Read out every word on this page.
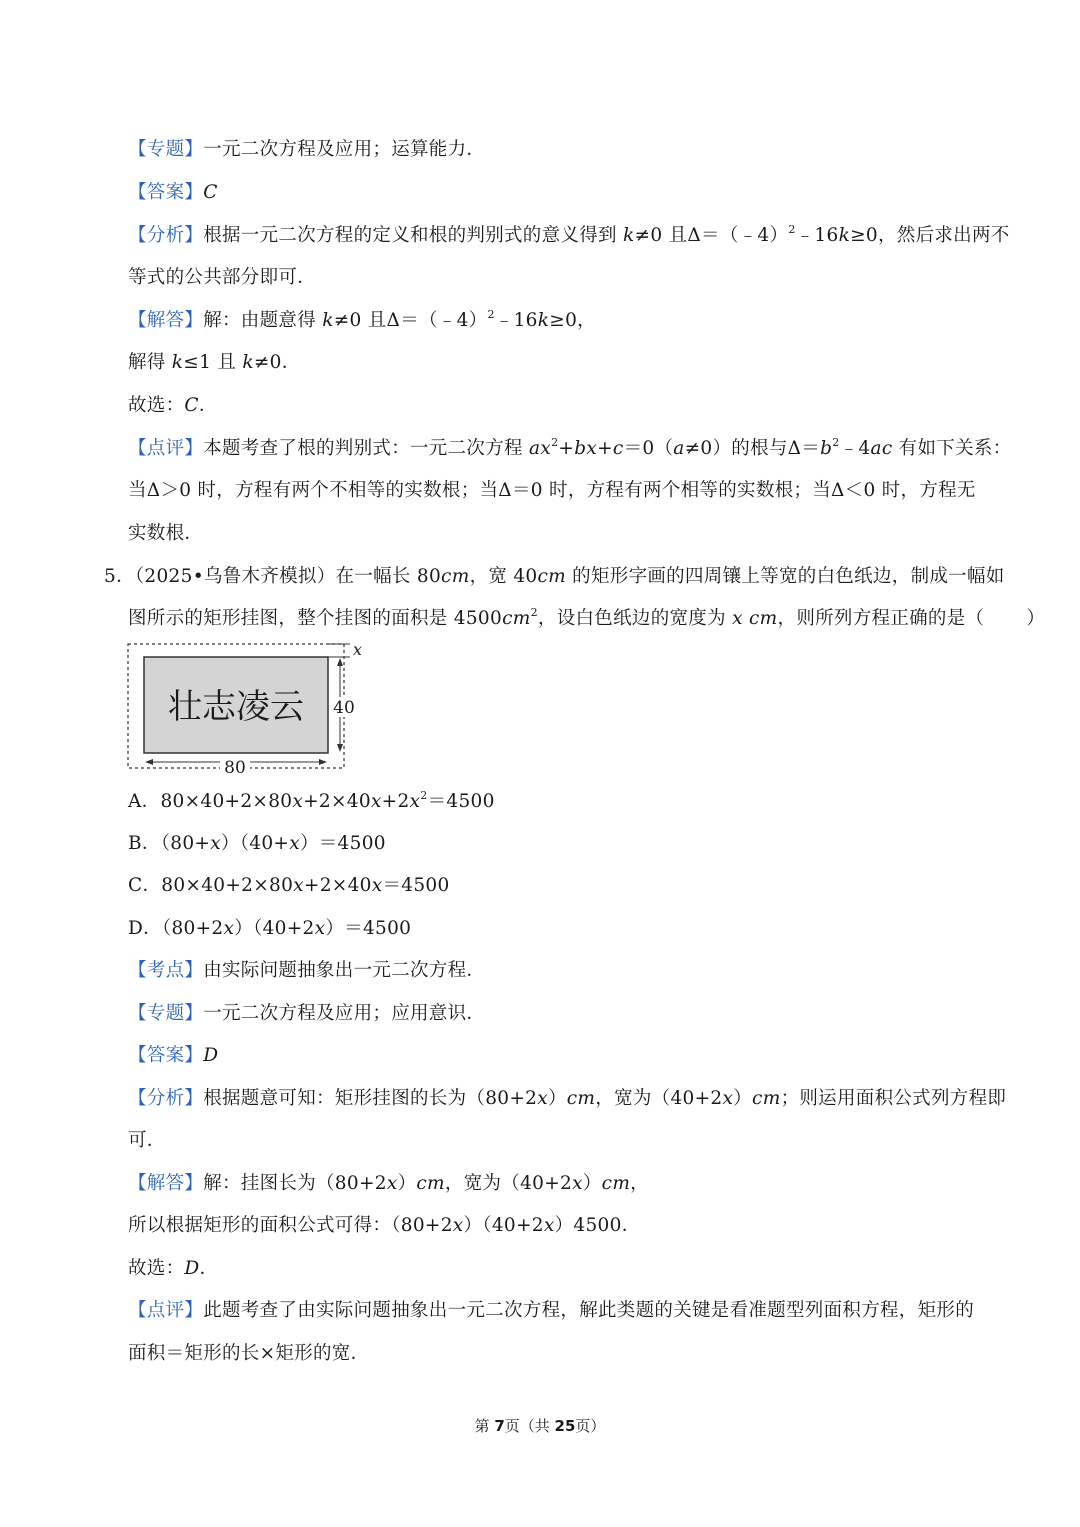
【专题】一元二次方程及应用；运算能力．
【答案】C
【分析】根据一元二次方程的定义和根的判别式的意义得到 k≠0 且Δ＝（﹣4）$^2$﹣16k≥0，然后求出两不
等式的公共部分即可．
【解答】解：由题意得 k≠0 且Δ＝（﹣4）$^2$﹣16k≥0，
解得 k≤1 且 k≠0．
故选：C．
【点评】本题考查了根的判别式：一元二次方程 $ax^2+bx+c=0(a\ne 0)$的根与$\Delta=b^2﹣4ac$ 有如下关系：
当Δ＞0 时，方程有两个不相等的实数根；当Δ＝0 时，方程有两个相等的实数根；当Δ＜0 时，方程无
实数根．
5．（2025•乌鲁木齐模拟）在一幅长 80cm，宽 40cm 的矩形字画的四周镶上等宽的白色纸边，制成一幅如
图所示的矩形挂图，整个挂图的面积是 $4500cm^2$，设白色纸边的宽度为 x cm，则所列方程正确的是（ ）
壮志凌云
x
40
80
A．$80\times 40+2\times 80x+2\times 40x+2x^2=4500$
B．（80+x）（40+x）＝4500
C．80×40+2×80x+2×40x＝4500
D．（80+2x）（40+2x）＝4500
【考点】由实际问题抽象出一元二次方程．
【专题】一元二次方程及应用；应用意识．
【答案】D
【分析】根据题意可知：矩形挂图的长为（80+2x）cm，宽为（40+2x）cm；则运用面积公式列方程即
可．
【解答】解：挂图长为（80+2x）cm，宽为（40+2x）cm，
所以根据矩形的面积公式可得：（80+2x）（40+2x）4500．
故选：D．
【点评】此题考查了由实际问题抽象出一元二次方程，解此类题的关键是看准题型列面积方程，矩形的
面积＝矩形的长×矩形的宽．
第 7页（共 25页）
